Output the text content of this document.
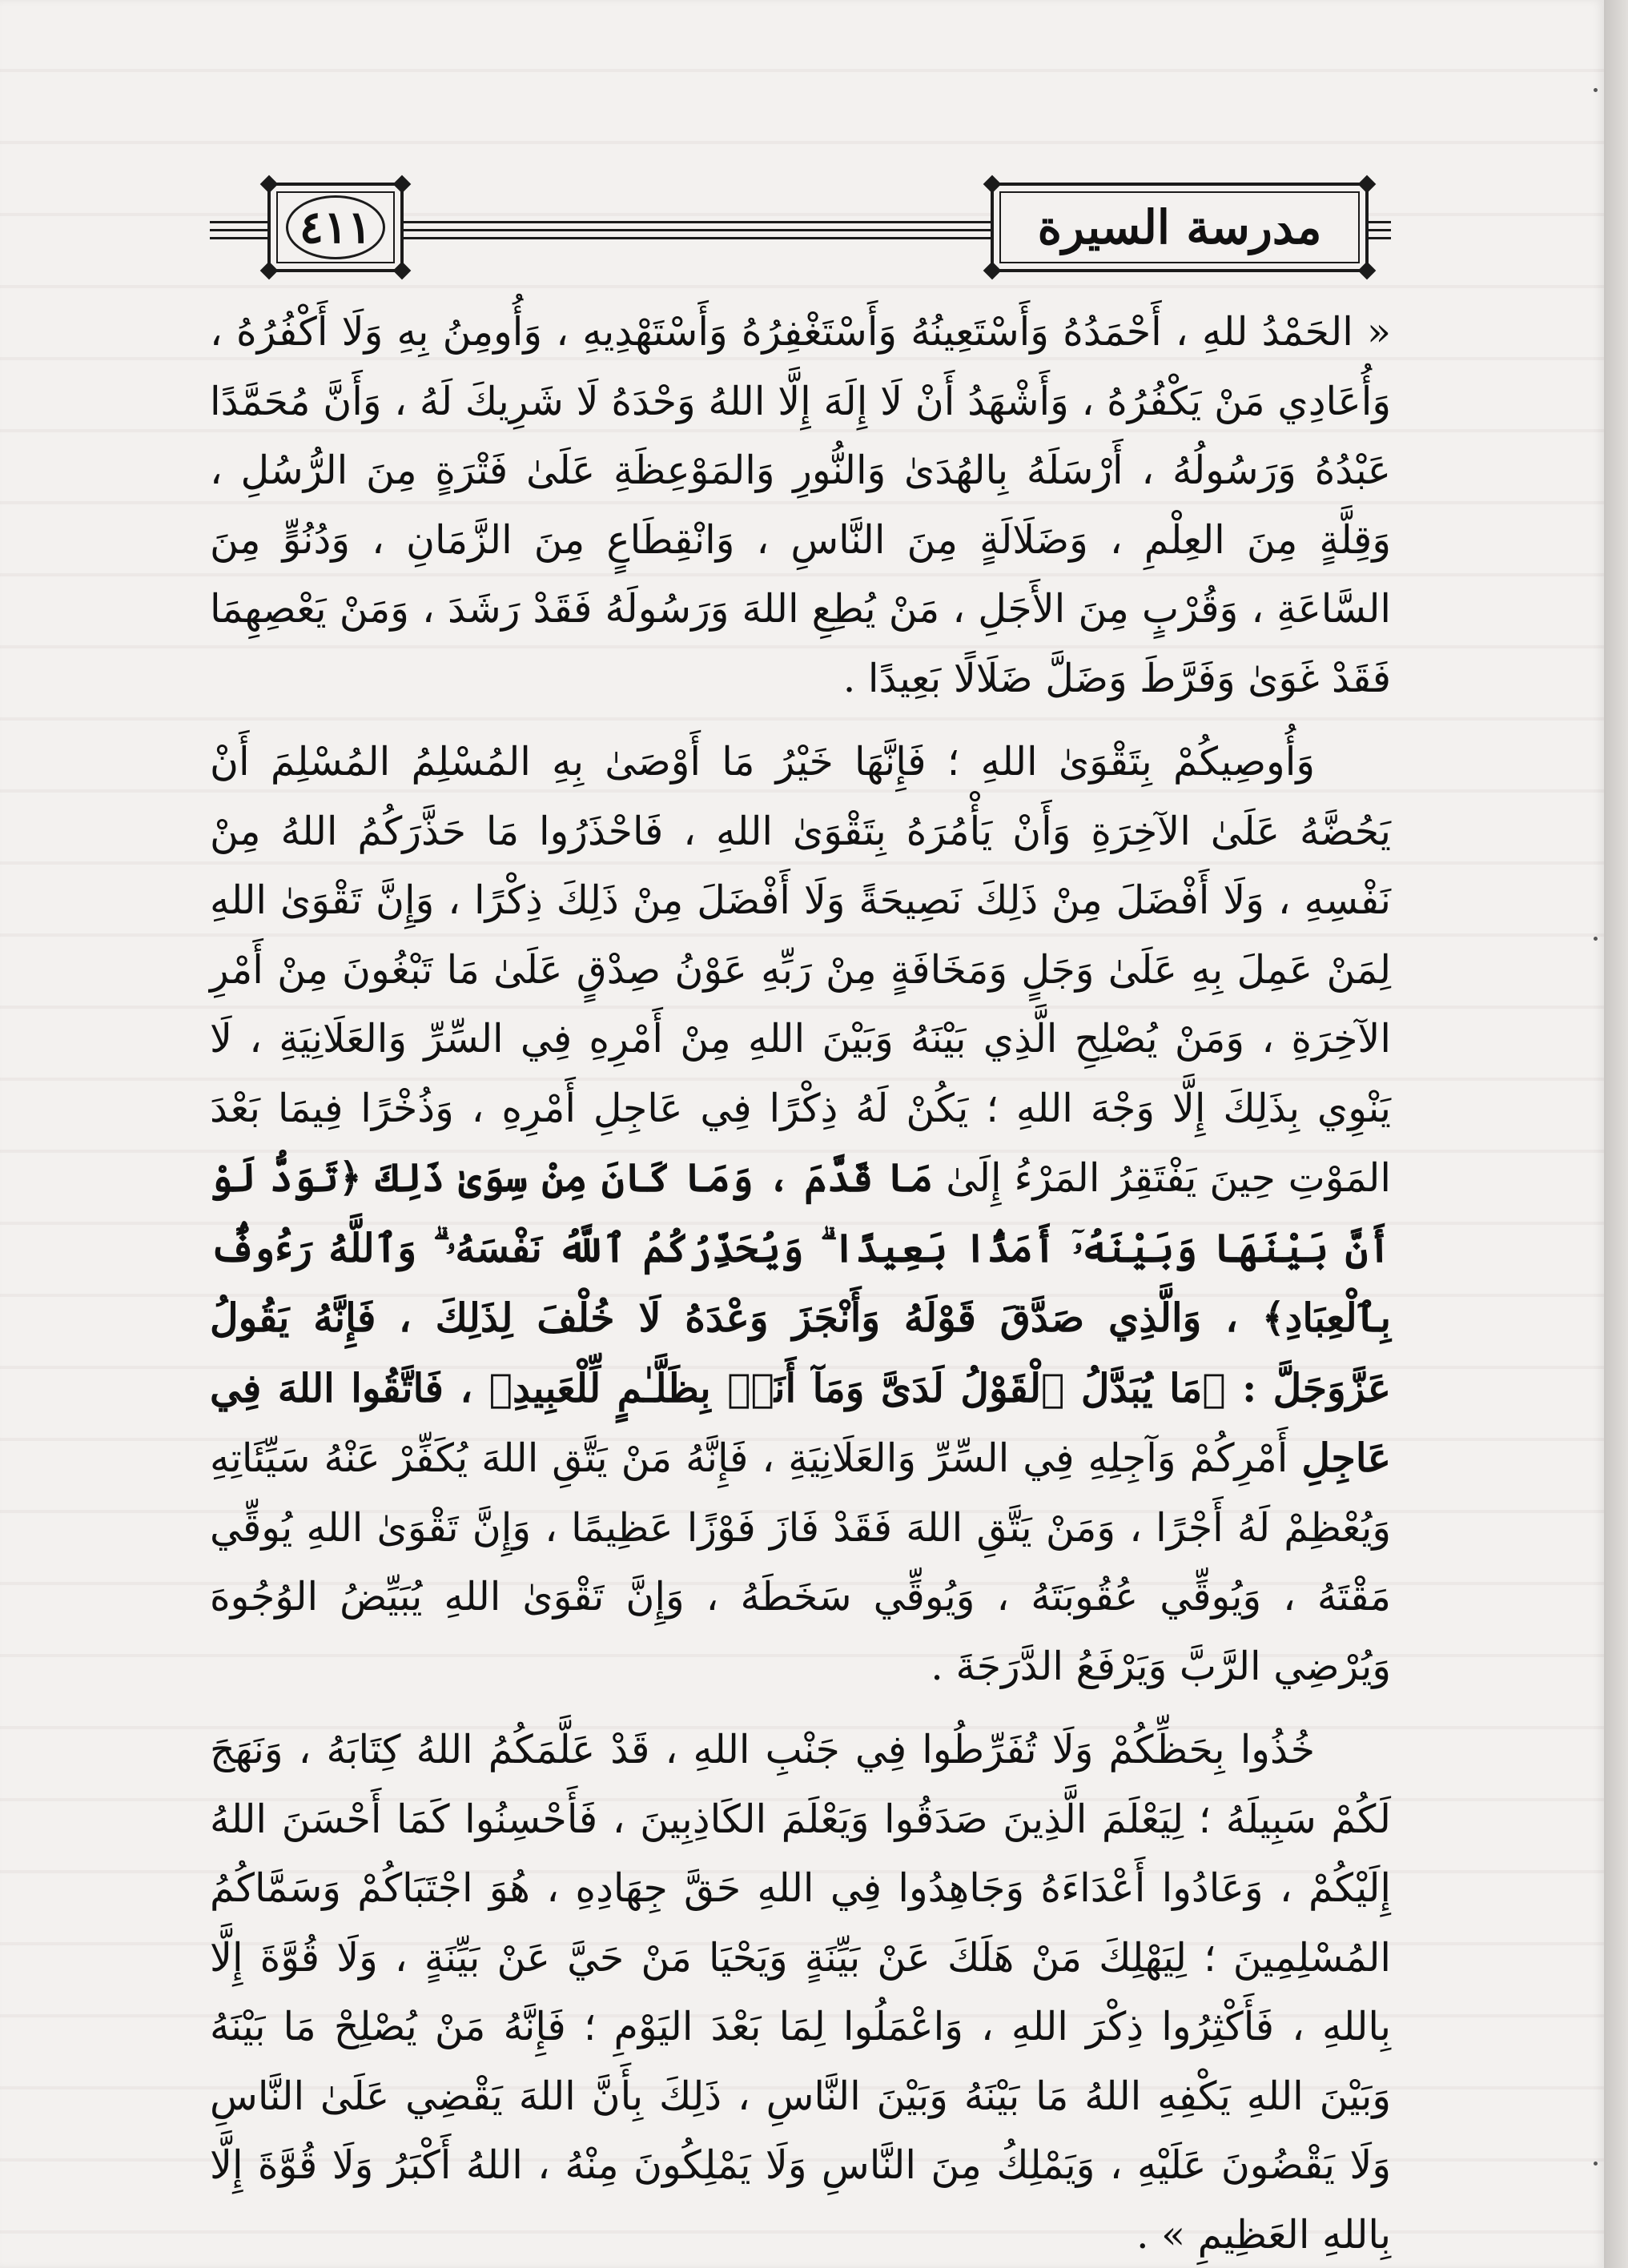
مدرسة السيرة
٤١١

« الحَمْدُ للهِ ، أَحْمَدُهُ وَأَسْتَعِينُهُ وَأَسْتَغْفِرُهُ وَأَسْتَهْدِيهِ ، وَأُومِنُ بِهِ وَلَا أَكْفُرُهُ ، وَأُعَادِي مَنْ يَكْفُرُهُ ، وَأَشْهَدُ أَنْ لَا إِلَهَ إِلَّا اللهُ وَحْدَهُ لَا شَرِيكَ لَهُ ، وَأَنَّ مُحَمَّدًا عَبْدُهُ وَرَسُولُهُ ، أَرْسَلَهُ بِالهُدَىٰ وَالنُّورِ وَالمَوْعِظَةِ عَلَىٰ فَتْرَةٍ مِنَ الرُّسُلِ ، وَقِلَّةٍ مِنَ العِلْمِ ، وَضَلَالَةٍ مِنَ النَّاسِ ، وَانْقِطَاعٍ مِنَ الزَّمَانِ ، وَدُنُوٍّ مِنَ السَّاعَةِ ، وَقُرْبٍ مِنَ الأَجَلِ ، مَنْ يُطِعِ اللهَ وَرَسُولَهُ فَقَدْ رَشَدَ ، وَمَنْ يَعْصِهِمَا فَقَدْ غَوَىٰ وَفَرَّطَ وَضَلَّ ضَلَالًا بَعِيدًا .

وَأُوصِيكُمْ بِتَقْوَىٰ اللهِ ؛ فَإِنَّهَا خَيْرُ مَا أَوْصَىٰ بِهِ المُسْلِمُ المُسْلِمَ أَنْ يَحُضَّهُ عَلَىٰ الآخِرَةِ وَأَنْ يَأْمُرَهُ بِتَقْوَىٰ اللهِ ، فَاحْذَرُوا مَا حَذَّرَكُمُ اللهُ مِنْ نَفْسِهِ ، وَلَا أَفْضَلَ مِنْ ذَلِكَ نَصِيحَةً وَلَا أَفْضَلَ مِنْ ذَلِكَ ذِكْرًا ، وَإِنَّ تَقْوَىٰ اللهِ لِمَنْ عَمِلَ بِهِ عَلَىٰ وَجَلٍ وَمَخَافَةٍ مِنْ رَبِّهِ عَوْنُ صِدْقٍ عَلَىٰ مَا تَبْغُونَ مِنْ أَمْرِ الآخِرَةِ ، وَمَنْ يُصْلِحِ الَّذِي بَيْنَهُ وَبَيْنَ اللهِ مِنْ أَمْرِهِ فِي السِّرِّ وَالعَلَانِيَةِ ، لَا يَنْوِي بِذَلِكَ إِلَّا وَجْهَ اللهِ ؛ يَكُنْ لَهُ ذِكْرًا فِي عَاجِلِ أَمْرِهِ ، وَذُخْرًا فِيمَا بَعْدَ المَوْتِ حِينَ يَفْتَقِرُ المَرْءُ إِلَىٰ مَا قَدَّمَ ، وَمَا كَانَ مِنْ سِوَىٰ ذَلِكَ ﴿تَوَدُّ لَوْ أَنَّ بَيْنَهَا وَبَيْنَهُۥٓ أَمَدًۢا بَعِيدًا ۗ وَيُحَذِّرُكُمُ ٱللَّهُ نَفْسَهُۥ ۗ وَٱللَّهُ رَءُوفٌۢ بِٱلْعِبَادِ﴾ ، وَالَّذِي صَدَّقَ قَوْلَهُ وَأَنْجَزَ وَعْدَهُ لَا خُلْفَ لِذَلِكَ ، فَإِنَّهُ يَقُولُ عَزَّوَجَلَّ : ﴿مَا يُبَدَّلُ ٱلْقَوْلُ لَدَىَّ وَمَآ أَنَا۠ بِظَلَّـٰمٍ لِّلْعَبِيدِ﴾ ، فَاتَّقُوا اللهَ فِي عَاجِلِ أَمْرِكُمْ وَآجِلِهِ فِي السِّرِّ وَالعَلَانِيَةِ ، فَإِنَّهُ مَنْ يَتَّقِ اللهَ يُكَفِّرْ عَنْهُ سَيِّئَاتِهِ وَيُعْظِمْ لَهُ أَجْرًا ، وَمَنْ يَتَّقِ اللهَ فَقَدْ فَازَ فَوْزًا عَظِيمًا ، وَإِنَّ تَقْوَىٰ اللهِ يُوقِّي مَقْتَهُ ، وَيُوقِّي عُقُوبَتَهُ ، وَيُوقِّي سَخَطَهُ ، وَإِنَّ تَقْوَىٰ اللهِ يُبَيِّضُ الوُجُوهَ وَيُرْضِي الرَّبَّ وَيَرْفَعُ الدَّرَجَةَ .

خُذُوا بِحَظِّكُمْ وَلَا تُفَرِّطُوا فِي جَنْبِ اللهِ ، قَدْ عَلَّمَكُمُ اللهُ كِتَابَهُ ، وَنَهَجَ لَكُمْ سَبِيلَهُ ؛ لِيَعْلَمَ الَّذِينَ صَدَقُوا وَيَعْلَمَ الكَاذِبِينَ ، فَأَحْسِنُوا كَمَا أَحْسَنَ اللهُ إِلَيْكُمْ ، وَعَادُوا أَعْدَاءَهُ وَجَاهِدُوا فِي اللهِ حَقَّ جِهَادِهِ ، هُوَ اجْتَبَاكُمْ وَسَمَّاكُمُ المُسْلِمِينَ ؛ لِيَهْلِكَ مَنْ هَلَكَ عَنْ بَيِّنَةٍ وَيَحْيَا مَنْ حَيَّ عَنْ بَيِّنَةٍ ، وَلَا قُوَّةَ إِلَّا بِاللهِ ، فَأَكْثِرُوا ذِكْرَ اللهِ ، وَاعْمَلُوا لِمَا بَعْدَ اليَوْمِ ؛ فَإِنَّهُ مَنْ يُصْلِحْ مَا بَيْنَهُ وَبَيْنَ اللهِ يَكْفِهِ اللهُ مَا بَيْنَهُ وَبَيْنَ النَّاسِ ، ذَلِكَ بِأَنَّ اللهَ يَقْضِي عَلَىٰ النَّاسِ وَلَا يَقْضُونَ عَلَيْهِ ، وَيَمْلِكُ مِنَ النَّاسِ وَلَا يَمْلِكُونَ مِنْهُ ، اللهُ أَكْبَرُ وَلَا قُوَّةَ إِلَّا بِاللهِ العَظِيمِ » .
